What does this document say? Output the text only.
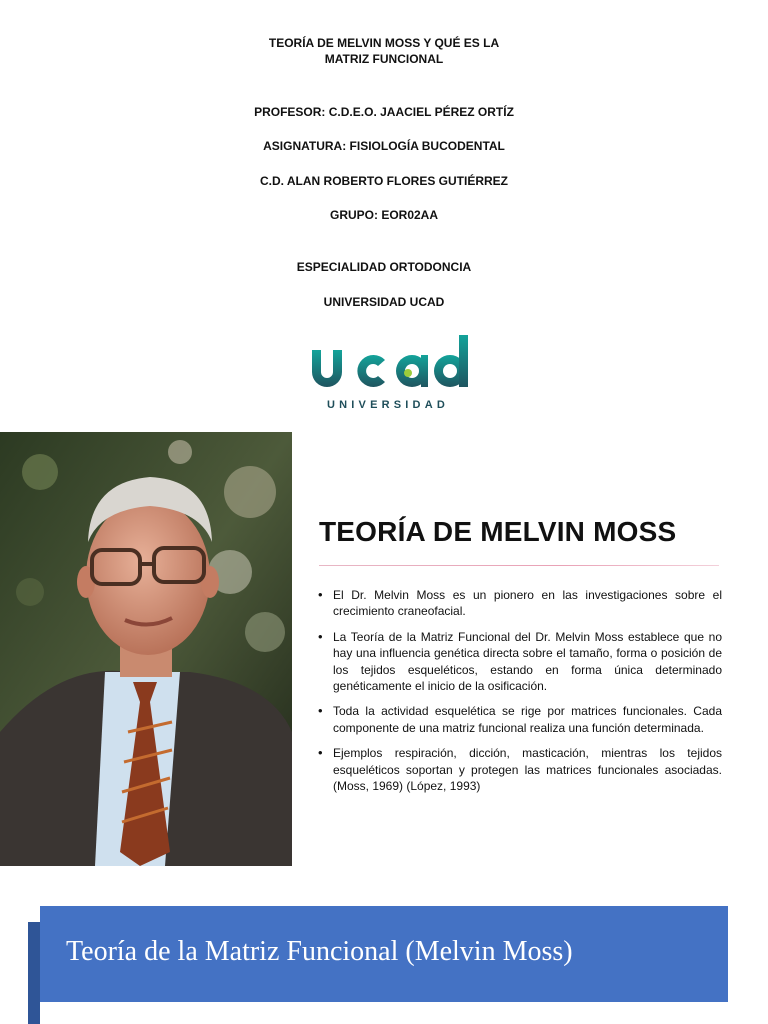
TEORÍA DE MELVIN MOSS Y QUÉ ES LA
MATRIZ FUNCIONAL
PROFESOR: C.D.E.O. JAACIEL PÉREZ ORTÍZ
ASIGNATURA: FISIOLOGÍA BUCODENTAL
C.D. ALAN ROBERTO FLORES GUTIÉRREZ
GRUPO: EOR02AA
ESPECIALIDAD ORTODONCIA
UNIVERSIDAD UCAD
UNIVERSIDAD
TEORÍA DE MELVIN MOSS
• El Dr. Melvin Moss es un pionero en las investigaciones sobre el crecimiento craneofacial.
• La Teoría de la Matriz Funcional del Dr. Melvin Moss establece que no hay una influencia genética directa sobre el tamaño, forma o posición de los tejidos esqueléticos, estando en forma única determinado genéticamente el inicio de la osificación.
• Toda la actividad esquelética se rige por matrices funcionales. Cada componente de una matriz funcional realiza una función determinada.
• Ejemplos respiración, dicción, masticación, mientras los tejidos esqueléticos soportan y protegen las matrices funcionales asociadas. (Moss, 1969) (López, 1993)
Teoría de la Matriz Funcional (Melvin Moss)
